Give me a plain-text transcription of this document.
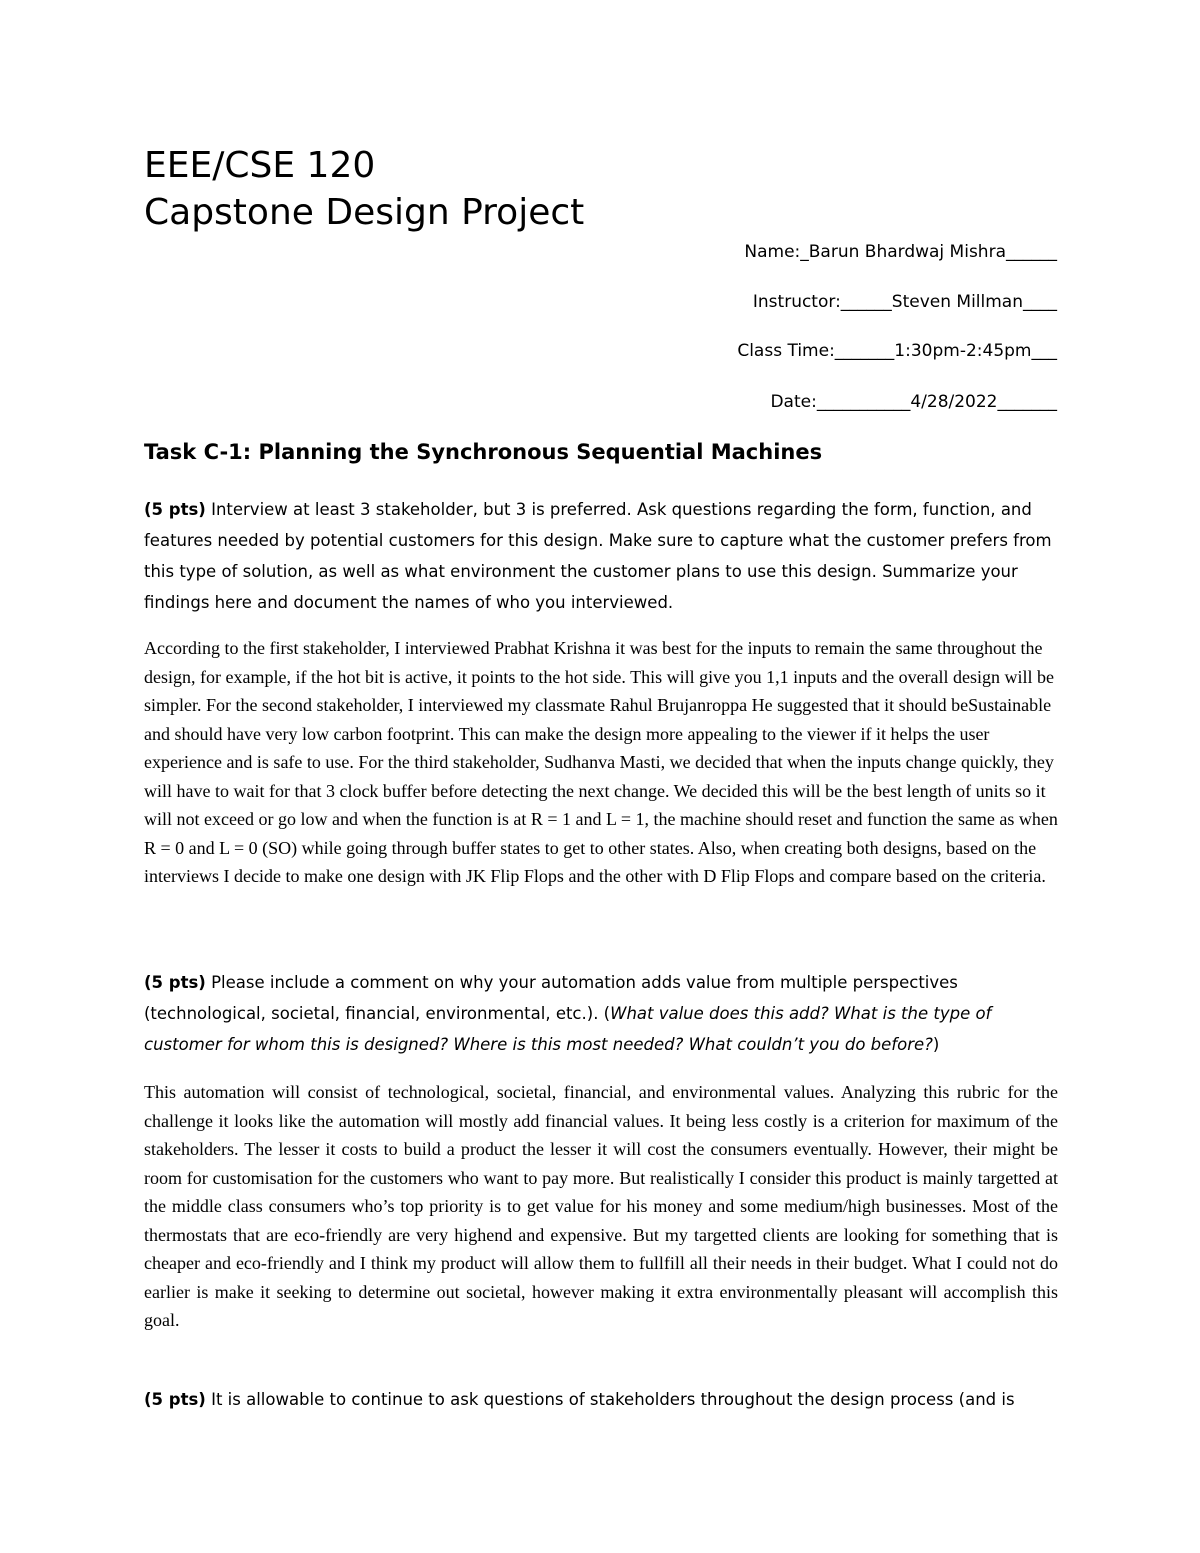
EEE/CSE 120

Capstone Design Project

Name:_Barun Bhardwaj Mishra______
Instructor:______Steven Millman____
Class Time:_______1:30pm-2:45pm___
Date:___________4/28/2022_______
Task C-1: Planning the Synchronous Sequential Machines

(5 pts) Interview at least 3 stakeholder, but 3 is preferred. Ask questions regarding the form, function, and features needed by potential customers for this design. Make sure to capture what the customer prefers from this type of solution, as well as what environment the customer plans to use this design. Summarize your findings here and document the names of who you interviewed.

According to the first stakeholder, I interviewed Prabhat Krishna it was best for the inputs to remain the same throughout the design, for example, if the hot bit is active, it points to the hot side. This will give you 1,1 inputs and the overall design will be simpler. For the second stakeholder, I interviewed my classmate Rahul Brujanroppa He suggested that it should beSustainable and should have very low carbon footprint. This can make the design more appealing to the viewer if it helps the user experience and is safe to use. For the third stakeholder, Sudhanva Masti, we decided that when the inputs change quickly, they will have to wait for that 3 clock buffer before detecting the next change. We decided this will be the best length of units so it will not exceed or go low and when the function is at R = 1 and L = 1, the machine should reset and function the same as when R = 0 and L = 0 (SO) while going through buffer states to get to other states. Also, when creating both designs, based on the interviews I decide to make one design with JK Flip Flops and the other with D Flip Flops and compare based on the criteria.

(5 pts) Please include a comment on why your automation adds value from multiple perspectives (technological, societal, financial, environmental, etc.). (What value does this add? What is the type of customer for whom this is designed? Where is this most needed? What couldn’t you do before?)

This automation will consist of technological, societal, financial, and environmental values. Analyzing this rubric for the challenge it looks like the automation will mostly add financial values. It being less costly is a criterion for maximum of the stakeholders. The lesser it costs to build a product the lesser it will cost the consumers eventually. However, their might be room for customisation for the customers who want to pay more. But realistically I consider this product is mainly targetted at the middle class consumers who’s top priority is to get value for his money and some medium/high businesses. Most of the thermostats that are eco-friendly are very highend and expensive. But my targetted clients are looking for something that is cheaper and eco-friendly and I think my product will allow them to fullfill all their needs in their budget. What I could not do earlier is make it seeking to determine out societal, however making it extra environmentally pleasant will accomplish this goal.

(5 pts) It is allowable to continue to ask questions of stakeholders throughout the design process (and is
